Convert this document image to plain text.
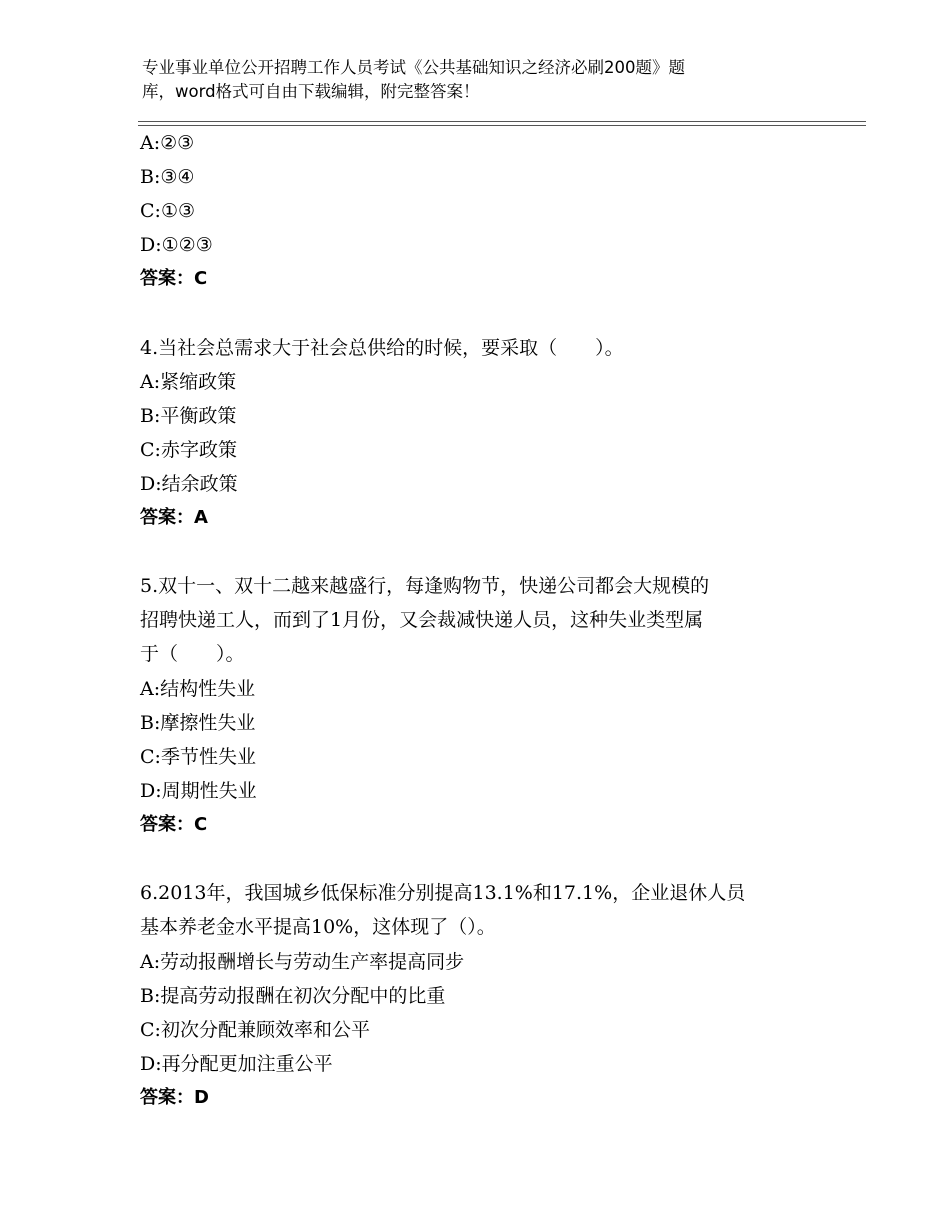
专业事业单位公开招聘工作人员考试《公共基础知识之经济必刷200题》题
库，word格式可自由下载编辑，附完整答案！
A:②③
B:③④
C:①③
D:①②③
答案：C
4.当社会总需求大于社会总供给的时候，要采取（　　）。
A:紧缩政策
B:平衡政策
C:赤字政策
D:结余政策
答案：A
5.双十一、双十二越来越盛行，每逢购物节，快递公司都会大规模的
招聘快递工人，而到了1月份，又会裁减快递人员，这种失业类型属
于（　　）。
A:结构性失业
B:摩擦性失业
C:季节性失业
D:周期性失业
答案：C
6.2013年，我国城乡低保标准分别提高13.1%和17.1%，企业退休人员
基本养老金水平提高10%，这体现了（）。
A:劳动报酬增长与劳动生产率提高同步
B:提高劳动报酬在初次分配中的比重
C:初次分配兼顾效率和公平
D:再分配更加注重公平
答案：D
